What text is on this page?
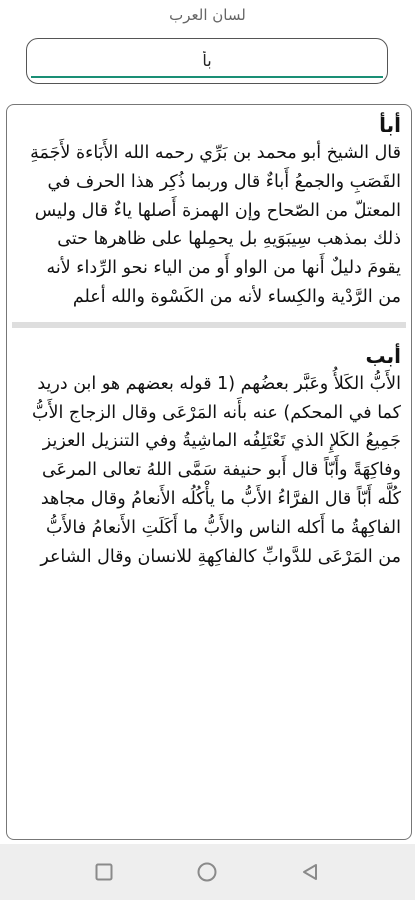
لسان العرب
بأ
أبأ
قال الشيخ أبو محمد بن بَرِّي رحمه الله الأَبَاءة لأَجَمَةِ القَصَبِ والجمعُ أَباءٌ قال وربما ذُكِر هذا الحرف في المعتلّ من الصّحاح وإن الهمزة أَصلها ياءٌ قال وليس ذلك بمذهب سِيبَوَيهِ بل يحمِلها على ظاهرها حتى يقومَ دليلٌ أَنها من الواو أَو من الياء نحو الرِّداء لأنه من الرَّدْية والكِساء لأنه من الكَسْوة والله أعلم
أبب
الأَبُّ الكَلأُ وعَبَّر بعضُهم (1 قوله بعضهم هو ابن دريد كما في المحكم) عنه بأَنه المَرْعَى وقال الزجاج الأَبُّ جَمِيعُ الكَلإِ الذي تَعْتَلِفُه الماشِيةُ وفي التنزيل العزيز وفاكِهَةً وأَبّاً قال أَبو حنيفة سَمَّى اللهُ تعالى المرعَى كُلَّه أَبّاً قال الفرَّاءُ الأَبُّ ما يأْكُلُه الأَنعامُ وقال مجاهد الفاكِهةُ ما أَكله الناس والأَبُّ ما أَكَلَتِ الأَنعامُ فالأَبُّ من المَرْعَى للدَّوابِّ كالفاكِهةِ للانسان وقال الشاعر
